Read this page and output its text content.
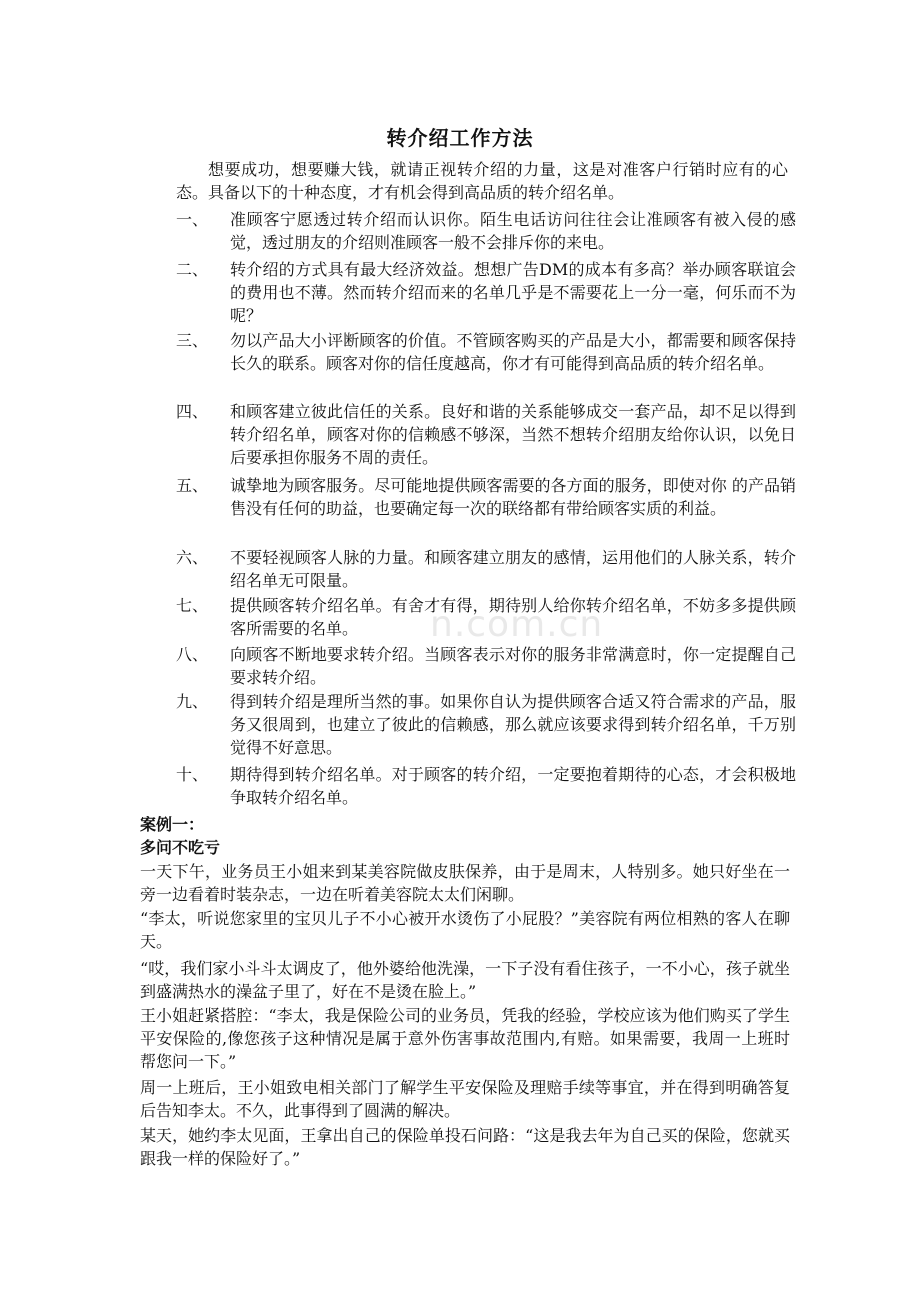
n.com.cn
转介绍工作方法
想要成功，想要赚大钱，就请正视转介绍的力量，这是对准客户行销时应有的心态。具备以下的十种态度，才有机会得到高品质的转介绍名单。
一、	准顾客宁愿透过转介绍而认识你。陌生电话访问往往会让准顾客有被入侵的感觉，透过朋友的介绍则准顾客一般不会排斥你的来电。
二、	转介绍的方式具有最大经济效益。想想广告DM的成本有多高？举办顾客联谊会的费用也不薄。然而转介绍而来的名单几乎是不需要花上一分一毫，何乐而不为呢？
三、	勿以产品大小评断顾客的价值。不管顾客购买的产品是大小，都需要和顾客保持长久的联系。顾客对你的信任度越高，你才有可能得到高品质的转介绍名单。
四、	和顾客建立彼此信任的关系。良好和谐的关系能够成交一套产品，却不足以得到转介绍名单，顾客对你的信赖感不够深，当然不想转介绍朋友给你认识，以免日后要承担你服务不周的责任。
五、	诚挚地为顾客服务。尽可能地提供顾客需要的各方面的服务，即使对你 的产品销售没有任何的助益，也要确定每一次的联络都有带给顾客实质的利益。
六、	不要轻视顾客人脉的力量。和顾客建立朋友的感情，运用他们的人脉关系，转介绍名单无可限量。
七、	提供顾客转介绍名单。有舍才有得，期待别人给你转介绍名单，不妨多多提供顾客所需要的名单。
八、	向顾客不断地要求转介绍。当顾客表示对你的服务非常满意时，你一定提醒自己要求转介绍。
九、	得到转介绍是理所当然的事。如果你自认为提供顾客合适又符合需求的产品，服务又很周到，也建立了彼此的信赖感，那么就应该要求得到转介绍名单，千万别觉得不好意思。
十、	期待得到转介绍名单。对于顾客的转介绍，一定要抱着期待的心态，才会积极地争取转介绍名单。
案例一：
多问不吃亏
一天下午，业务员王小姐来到某美容院做皮肤保养，由于是周末，人特别多。她只好坐在一旁一边看着时装杂志，一边在听着美容院太太们闲聊。
“李太，听说您家里的宝贝儿子不小心被开水烫伤了小屁股？”美容院有两位相熟的客人在聊天。
“哎，我们家小斗斗太调皮了，他外婆给他洗澡，一下子没有看住孩子，一不小心，孩子就坐到盛满热水的澡盆子里了，好在不是烫在脸上。”
王小姐赶紧搭腔：“李太，我是保险公司的业务员，凭我的经验，学校应该为他们购买了学生平安保险的,像您孩子这种情况是属于意外伤害事故范围内,有赔。如果需要，我周一上班时帮您问一下。”
周一上班后，王小姐致电相关部门了解学生平安保险及理赔手续等事宜，并在得到明确答复后告知李太。不久，此事得到了圆满的解决。
某天，她约李太见面，王拿出自己的保险单投石问路：“这是我去年为自己买的保险，您就买跟我一样的保险好了。”
